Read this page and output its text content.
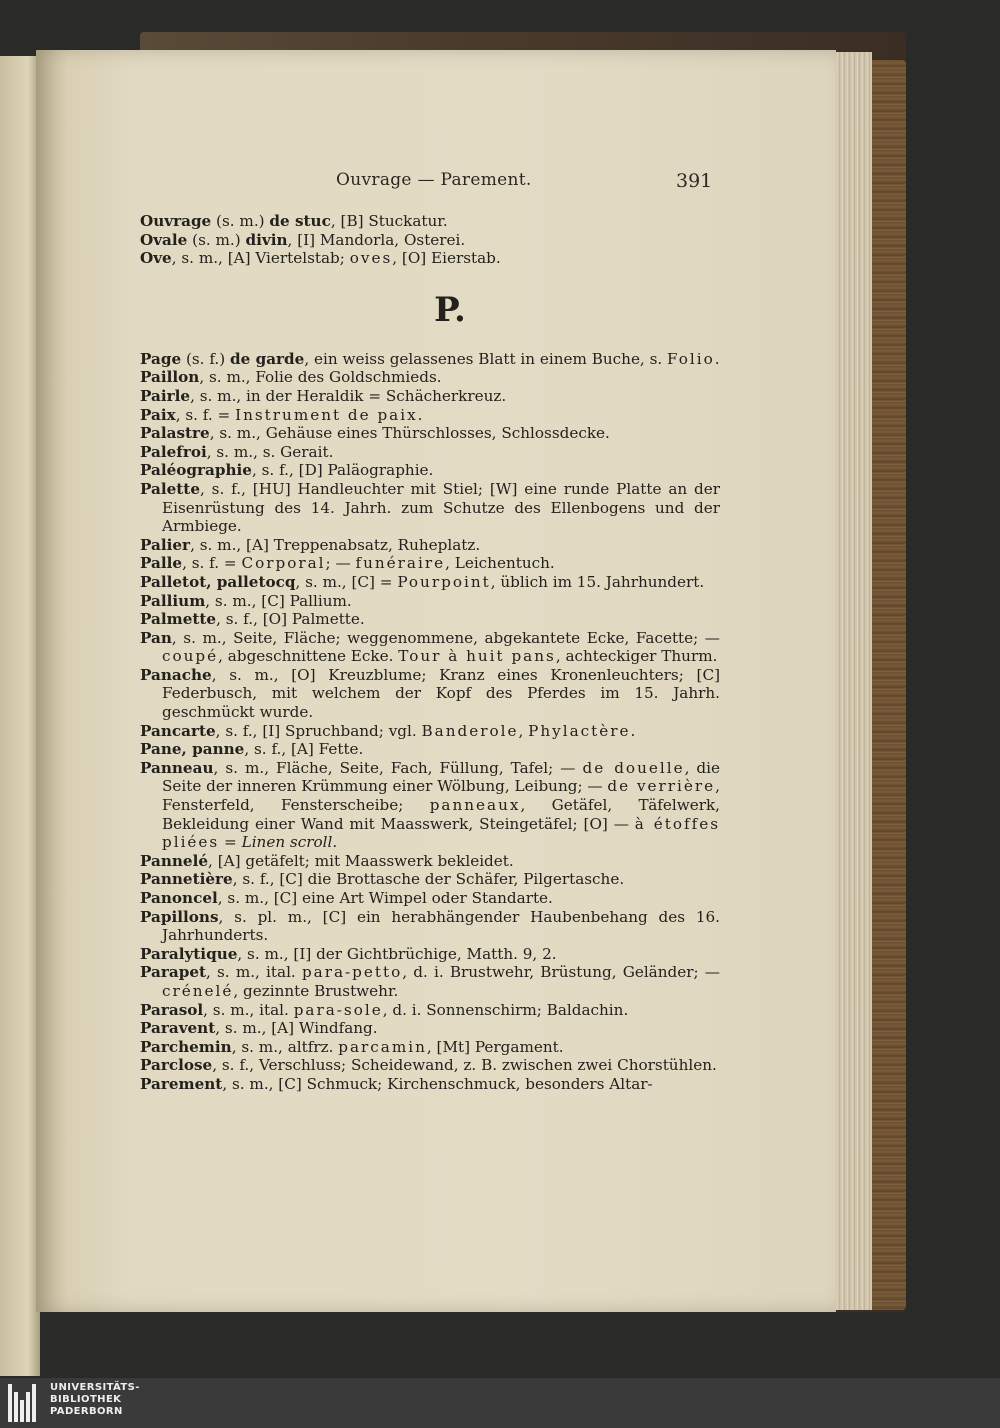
Ouvrage — Parement.	391

Ouvrage (s. m.) de stuc, [B] Stuckatur.

Ovale (s. m.) divin, [I] Mandorla, Osterei.

Ove, s. m., [A] Viertelstab; oves, [O] Eierstab.

P.

Page (s. f.) de garde, ein weiss gelassenes Blatt in einem Buche, s. Folio.

Paillon, s. m., Folie des Goldschmieds.

Pairle, s. m., in der Heraldik = Schächerkreuz.

Paix, s. f. = Instrument de paix.

Palastre, s. m., Gehäuse eines Thürschlosses, Schlossdecke.

Palefroi, s. m., s. Gerait.

Paléographie, s. f., [D] Paläographie.

Palette, s. f., [HU] Handleuchter mit Stiel; [W] eine runde Platte an der Eisenrüstung des 14. Jahrh. zum Schutze des Ellenbogens und der Armbiege.

Palier, s. m., [A] Treppenabsatz, Ruheplatz.

Palle, s. f. = Corporal; — funéraire, Leichentuch.

Palletot, palletocq, s. m., [C] = Pourpoint, üblich im 15. Jahrhundert.

Pallium, s. m., [C] Pallium.

Palmette, s. f., [O] Palmette.

Pan, s. m., Seite, Fläche; weggenommene, abgekantete Ecke, Facette; — coupé, abgeschnittene Ecke. Tour à huit pans, achteckiger Thurm.

Panache, s. m., [O] Kreuzblume; Kranz eines Kronenleuchters; [C] Federbusch, mit welchem der Kopf des Pferdes im 15. Jahrh. geschmückt wurde.

Pancarte, s. f., [I] Spruchband; vgl. Banderole, Phylactère.

Pane, panne, s. f., [A] Fette.

Panneau, s. m., Fläche, Seite, Fach, Füllung, Tafel; — de douelle, die Seite der inneren Krümmung einer Wölbung, Leibung; — de verrière, Fensterfeld, Fensterscheibe; panneaux, Getäfel, Täfelwerk, Bekleidung einer Wand mit Maasswerk, Steingetäfel; [O] — à étoffes pliées = Linen scroll.

Pannelé, [A] getäfelt; mit Maasswerk bekleidet.

Pannetière, s. f., [C] die Brottasche der Schäfer, Pilgertasche.

Panoncel, s. m., [C] eine Art Wimpel oder Standarte.

Papillons, s. pl. m., [C] ein herabhängender Haubenbehang des 16. Jahrhunderts.

Paralytique, s. m., [I] der Gichtbrüchige, Matth. 9, 2.

Parapet, s. m., ital. para-petto, d. i. Brustwehr, Brüstung, Geländer; — crénelé, gezinnte Brustwehr.

Parasol, s. m., ital. para-sole, d. i. Sonnenschirm; Baldachin.

Paravent, s. m., [A] Windfang.

Parchemin, s. m., altfrz. parcamin, [Mt] Pergament.

Parclose, s. f., Verschluss; Scheidewand, z. B. zwischen zwei Chorstühlen.

Parement, s. m., [C] Schmuck; Kirchenschmuck, besonders Altar-

UNIVERSITÄTS-
BIBLIOTHEK
PADERBORN
